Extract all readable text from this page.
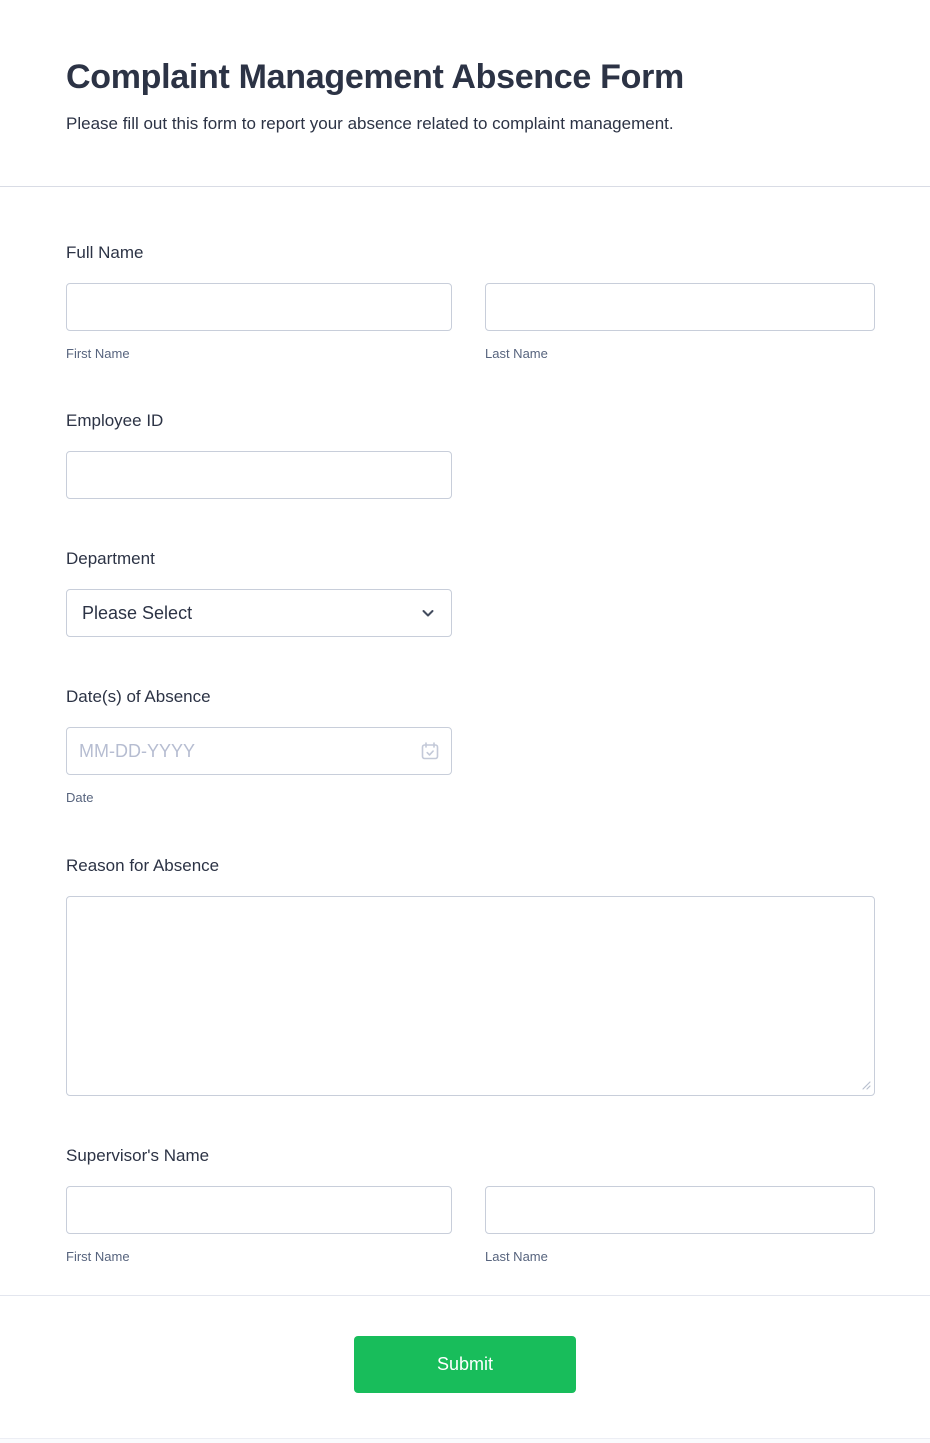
Complaint Management Absence Form

Please fill out this form to report your absence related to complaint management.

Full Name
First Name	Last Name
Employee ID
Department
Please Select
Date(s) of Absence
MM-DD-YYYY
Date
Reason for Absence
Supervisor's Name
First Name	Last Name
Submit
